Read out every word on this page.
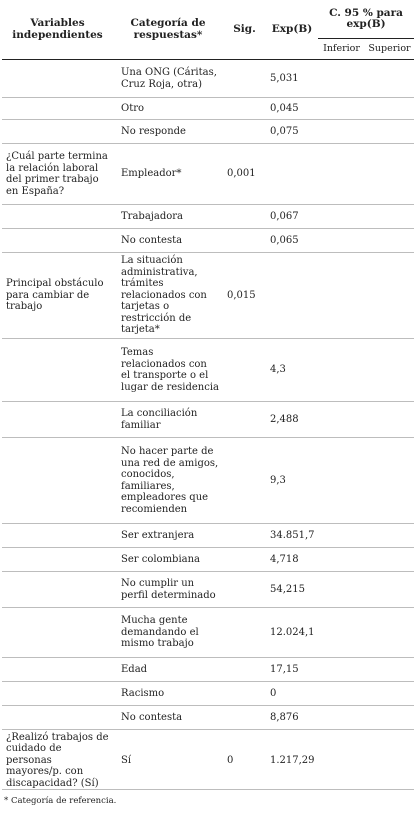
Variables independientes	Categoría de respuestas*	Sig.	Exp(B)	C. 95 % para exp(B)	
				Inferior	Superior
	Una ONG (Cáritas, Cruz Roja, otra)		5,031		
	Otro		0,045		
	No responde		0,075		
¿Cuál parte termina la relación laboral del primer trabajo en España?	Empleador*	0,001			
	Trabajadora		0,067		
	No contesta		0,065		
Principal obstáculo para cambiar de trabajo	La situación administrativa, trámites relacionados con tarjetas o restricción de tarjeta*	0,015			
	Temas relacionados con el transporte o el lugar de residencia		4,3		
	La conciliación familiar		2,488		
	No hacer parte de una red de amigos, conocidos, familiares, empleadores que recomienden		9,3		
	Ser extranjera		34.851,7		
	Ser colombiana		4,718		
	No cumplir un perfil determinado		54,215		
	Mucha gente demandando el mismo trabajo		12.024,1		
	Edad		17,15		
	Racismo		0		
	No contesta		8,876		
¿Realizó trabajos de cuidado de personas mayores/p. con discapacidad? (Sí)	Sí	0	1.217,29		
* Categoría de referencia.
